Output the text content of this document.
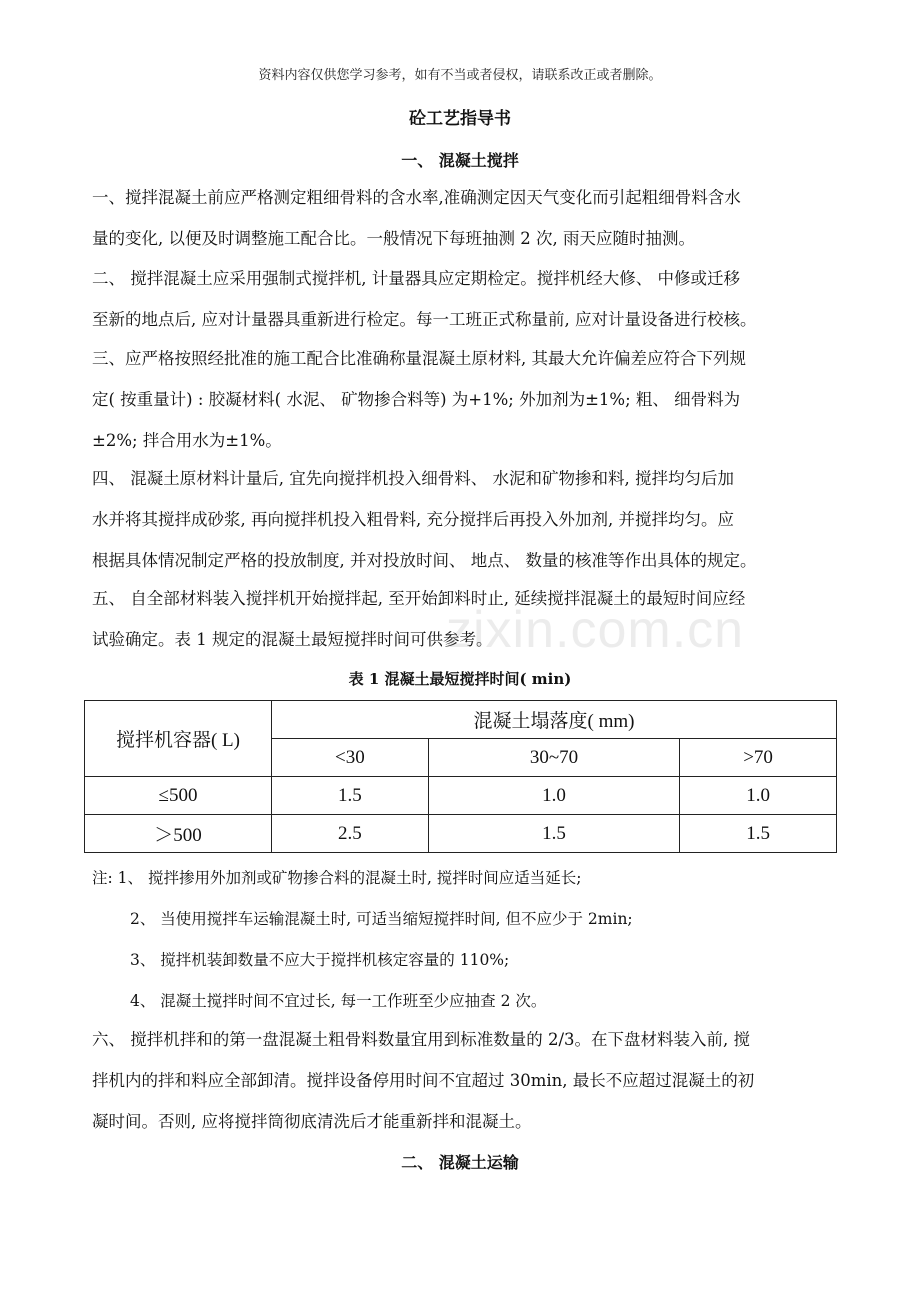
资料内容仅供您学习参考，如有不当或者侵权，请联系改正或者删除。
砼工艺指导书
一、 混凝土搅拌
一、搅拌混凝土前应严格测定粗细骨料的含水率,准确测定因天气变化而引起粗细骨料含水
量的变化, 以便及时调整施工配合比。一般情况下每班抽测 2 次, 雨天应随时抽测。
二、 搅拌混凝土应采用强制式搅拌机, 计量器具应定期检定。搅拌机经大修、 中修或迁移
至新的地点后, 应对计量器具重新进行检定。每一工班正式称量前, 应对计量设备进行校核。
三、应严格按照经批准的施工配合比准确称量混凝土原材料, 其最大允许偏差应符合下列规
定( 按重量计) : 胶凝材料( 水泥、 矿物掺合料等) 为+1%; 外加剂为±1%; 粗、 细骨料为
±2%; 拌合用水为±1%。
四、 混凝土原材料计量后, 宜先向搅拌机投入细骨料、 水泥和矿物掺和料, 搅拌均匀后加
水并将其搅拌成砂浆, 再向搅拌机投入粗骨料, 充分搅拌后再投入外加剂, 并搅拌均匀。应
根据具体情况制定严格的投放制度, 并对投放时间、 地点、 数量的核准等作出具体的规定。
五、 自全部材料装入搅拌机开始搅拌起, 至开始卸料时止, 延续搅拌混凝土的最短时间应经
试验确定。表 1 规定的混凝土最短搅拌时间可供参考。
zixin.com.cn
表 1 混凝土最短搅拌时间( min)
搅拌机容器( L)	混凝土塌落度( mm)		
	<30	30~70	>70
≤500	1.5	1.0	1.0
＞500	2.5	1.5	1.5
注: 1、 搅拌掺用外加剂或矿物掺合料的混凝土时, 搅拌时间应适当延长;
2、 当使用搅拌车运输混凝土时, 可适当缩短搅拌时间, 但不应少于 2min;
3、 搅拌机装卸数量不应大于搅拌机核定容量的 110%;
4、 混凝土搅拌时间不宜过长, 每一工作班至少应抽查 2 次。
六、 搅拌机拌和的第一盘混凝土粗骨料数量宜用到标准数量的 2/3。在下盘材料装入前, 搅
拌机内的拌和料应全部卸清。搅拌设备停用时间不宜超过 30min, 最长不应超过混凝土的初
凝时间。否则, 应将搅拌筒彻底清洗后才能重新拌和混凝土。
二、 混凝土运输
